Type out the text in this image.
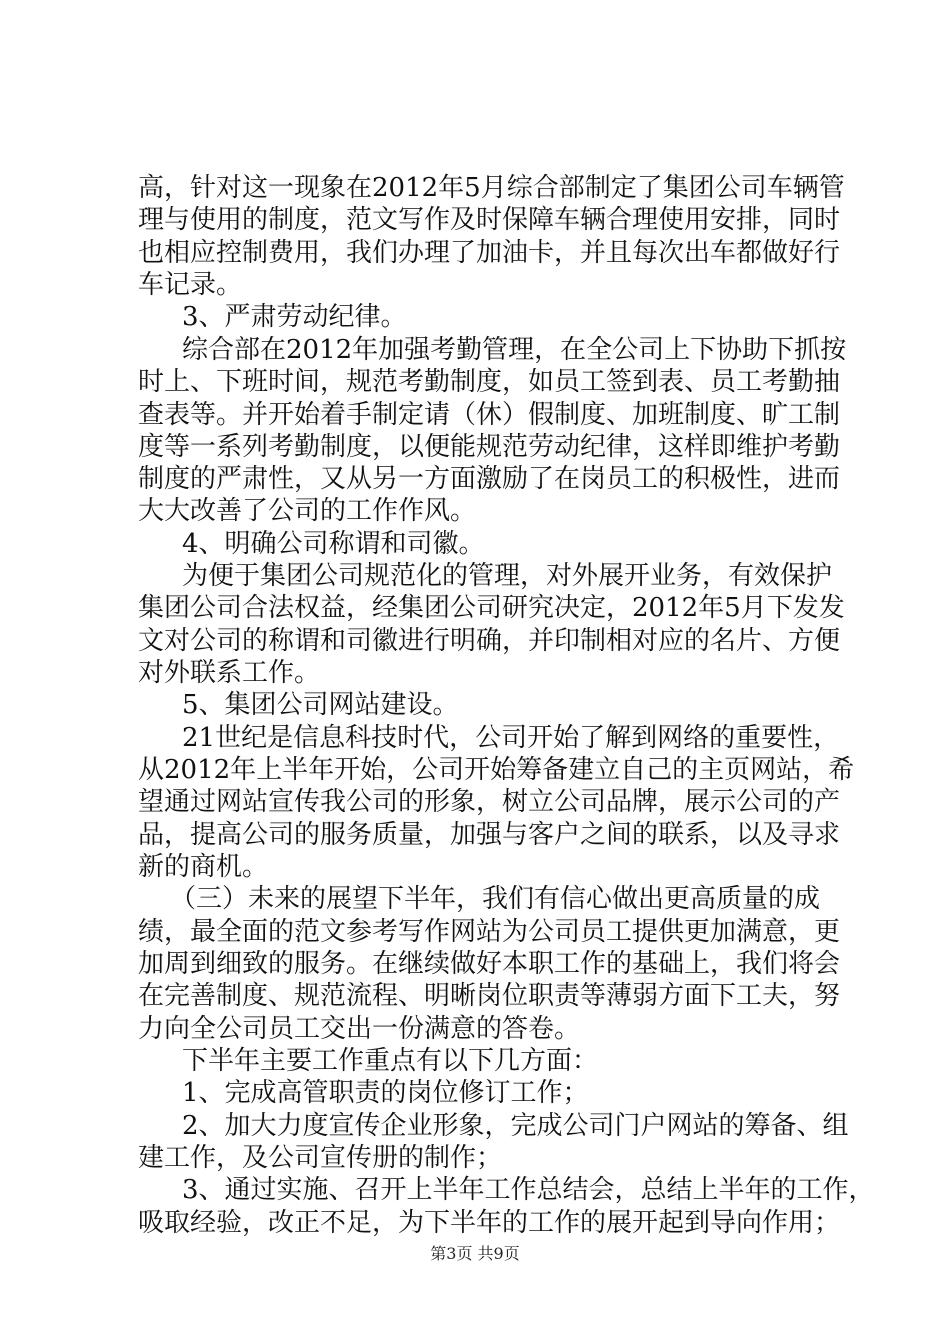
高，针对这一现象在2012年5月综合部制定了集团公司车辆管
理与使用的制度，范文写作及时保障车辆合理使用安排，同时
也相应控制费用，我们办理了加油卡，并且每次出车都做好行
车记录。
3、严肃劳动纪律。
综合部在2012年加强考勤管理，在全公司上下协助下抓按
时上、下班时间，规范考勤制度，如员工签到表、员工考勤抽
查表等。并开始着手制定请（休）假制度、加班制度、旷工制
度等一系列考勤制度，以便能规范劳动纪律，这样即维护考勤
制度的严肃性，又从另一方面激励了在岗员工的积极性，进而
大大改善了公司的工作作风。
4、明确公司称谓和司徽。
为便于集团公司规范化的管理，对外展开业务，有效保护
集团公司合法权益，经集团公司研究决定，2012年5月下发发
文对公司的称谓和司徽进行明确，并印制相对应的名片、方便
对外联系工作。
5、集团公司网站建设。
21世纪是信息科技时代，公司开始了解到网络的重要性，
从2012年上半年开始，公司开始筹备建立自己的主页网站，希
望通过网站宣传我公司的形象，树立公司品牌，展示公司的产
品，提高公司的服务质量，加强与客户之间的联系，以及寻求
新的商机。
（三）未来的展望下半年，我们有信心做出更高质量的成
绩，最全面的范文参考写作网站为公司员工提供更加满意，更
加周到细致的服务。在继续做好本职工作的基础上，我们将会
在完善制度、规范流程、明晰岗位职责等薄弱方面下工夫，努
力向全公司员工交出一份满意的答卷。
下半年主要工作重点有以下几方面：
1、完成高管职责的岗位修订工作；
2、加大力度宣传企业形象，完成公司门户网站的筹备、组
建工作，及公司宣传册的制作；
3、通过实施、召开上半年工作总结会，总结上半年的工作，
吸取经验，改正不足，为下半年的工作的展开起到导向作用；
第3页 共9页
